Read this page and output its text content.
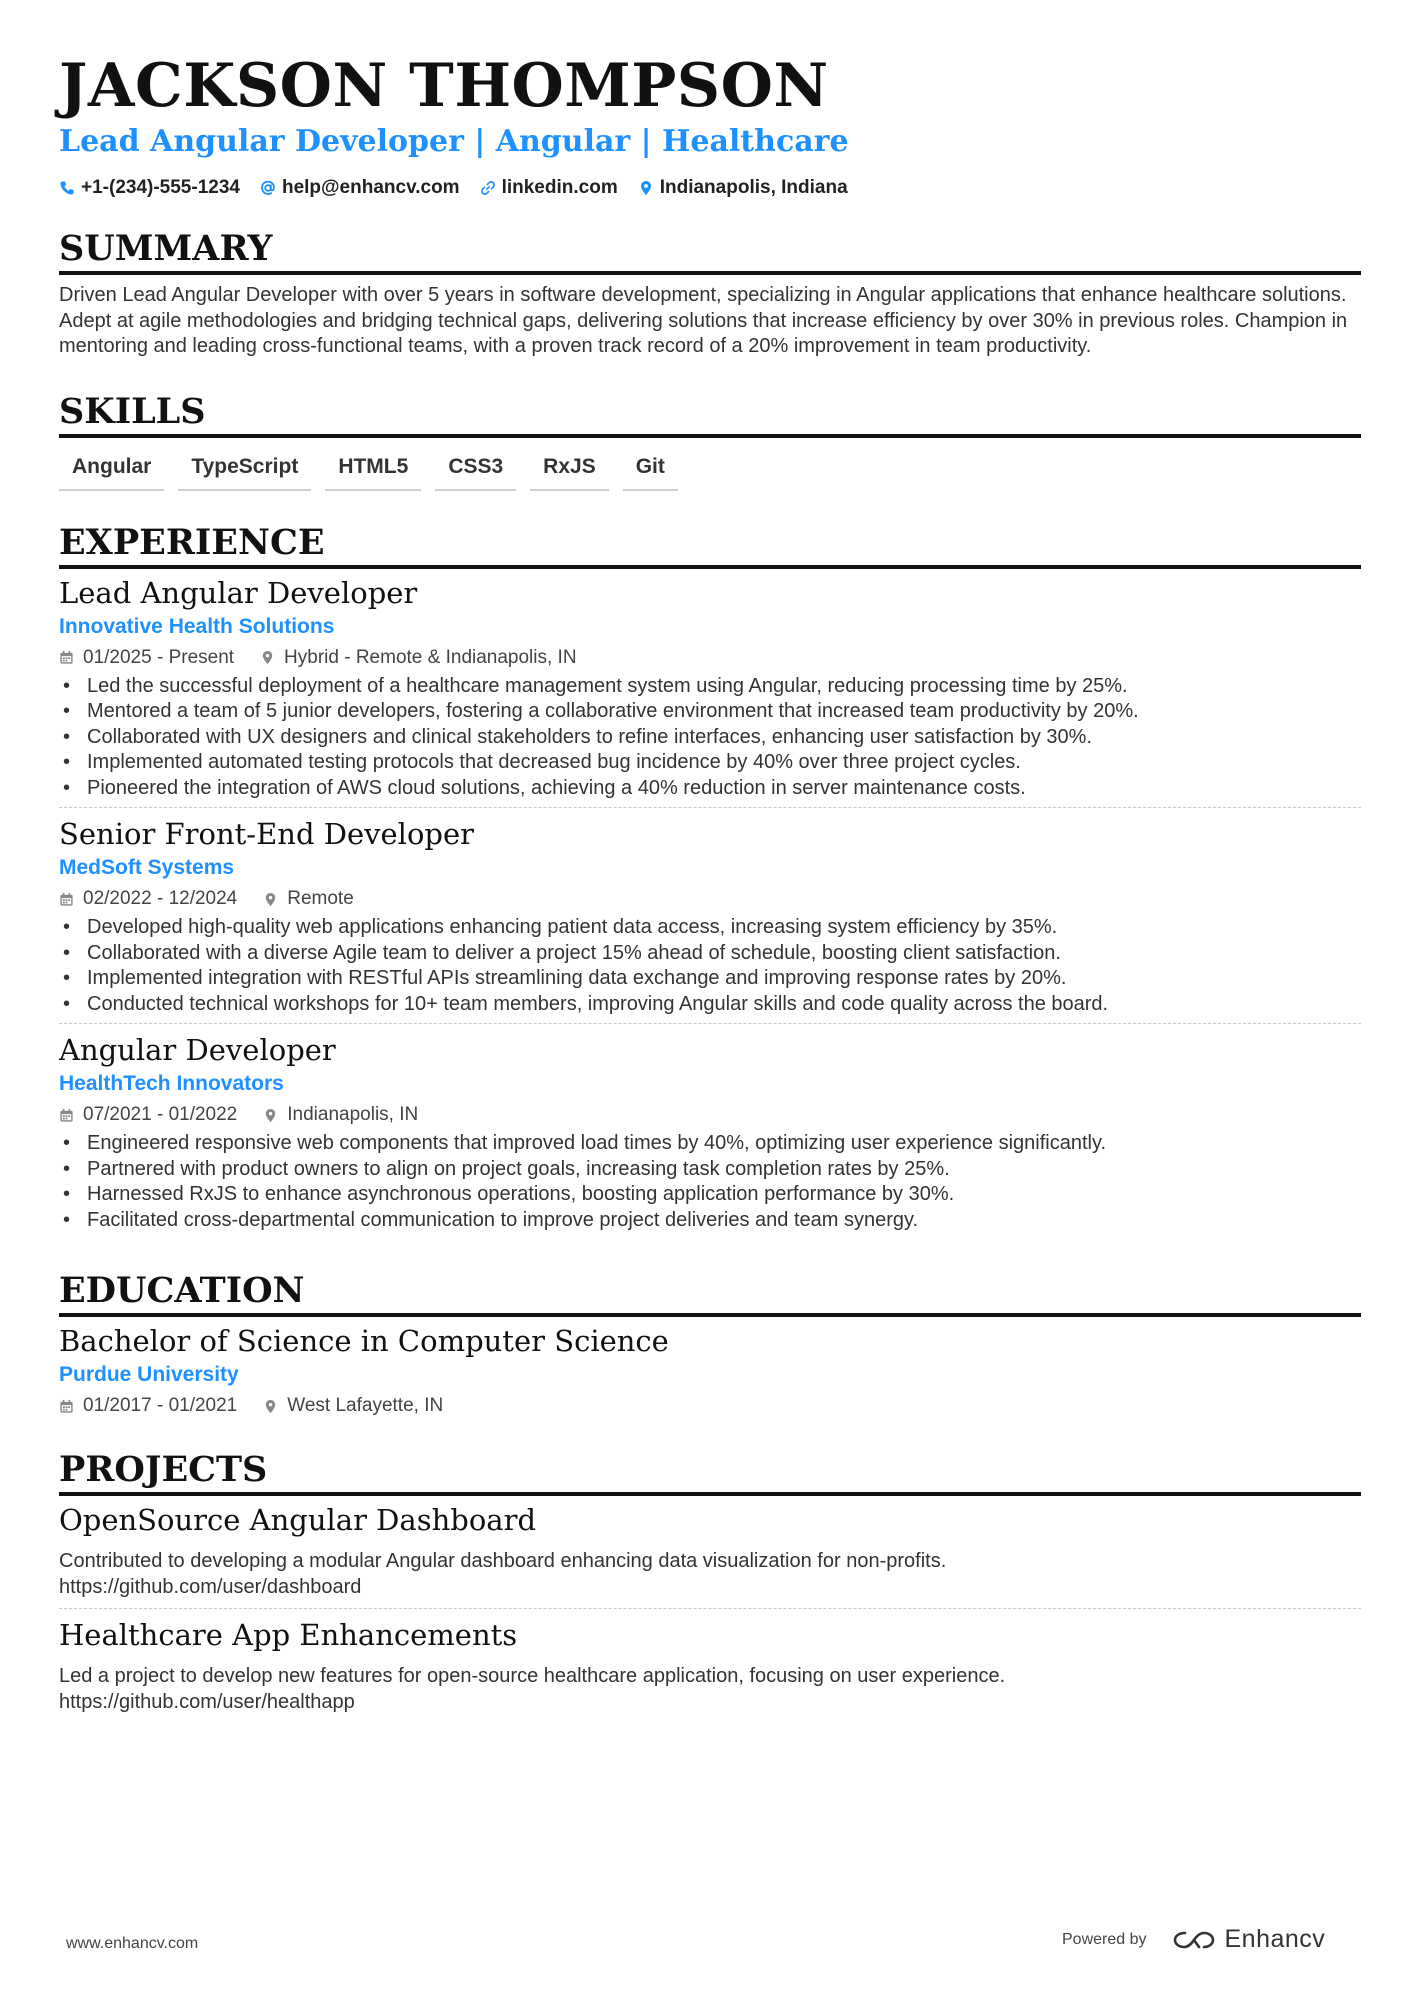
JACKSON THOMPSON
Lead Angular Developer | Angular | Healthcare
+1-(234)-555-1234 help@enhancv.com linkedin.com Indianapolis, Indiana
SUMMARY

Driven Lead Angular Developer with over 5 years in software development, specializing in Angular applications that enhance healthcare solutions. Adept at agile methodologies and bridging technical gaps, delivering solutions that increase efficiency by over 30% in previous roles. Champion in mentoring and leading cross-functional teams, with a proven track record of a 20% improvement in team productivity.

SKILLS
Angular	TypeScript	HTML5	CSS3	RxJS	Git
EXPERIENCE
Lead Angular Developer
Innovative Health Solutions
01/2025 - Present	Hybrid - Remote & Indianapolis, IN
• Led the successful deployment of a healthcare management system using Angular, reducing processing time by 25%.
• Mentored a team of 5 junior developers, fostering a collaborative environment that increased team productivity by 20%.
• Collaborated with UX designers and clinical stakeholders to refine interfaces, enhancing user satisfaction by 30%.
• Implemented automated testing protocols that decreased bug incidence by 40% over three project cycles.
• Pioneered the integration of AWS cloud solutions, achieving a 40% reduction in server maintenance costs.
Senior Front-End Developer
MedSoft Systems
02/2022 - 12/2024	Remote
• Developed high-quality web applications enhancing patient data access, increasing system efficiency by 35%.
• Collaborated with a diverse Agile team to deliver a project 15% ahead of schedule, boosting client satisfaction.
• Implemented integration with RESTful APIs streamlining data exchange and improving response rates by 20%.
• Conducted technical workshops for 10+ team members, improving Angular skills and code quality across the board.
Angular Developer
HealthTech Innovators
07/2021 - 01/2022	Indianapolis, IN
• Engineered responsive web components that improved load times by 40%, optimizing user experience significantly.
• Partnered with product owners to align on project goals, increasing task completion rates by 25%.
• Harnessed RxJS to enhance asynchronous operations, boosting application performance by 30%.
• Facilitated cross-departmental communication to improve project deliveries and team synergy.
EDUCATION
Bachelor of Science in Computer Science
Purdue University
01/2017 - 01/2021	West Lafayette, IN
PROJECTS
OpenSource Angular Dashboard

Contributed to developing a modular Angular dashboard enhancing data visualization for non-profits.

https://github.com/user/dashboard

Healthcare App Enhancements

Led a project to develop new features for open-source healthcare application, focusing on user experience.

https://github.com/user/healthapp

www.enhancv.com	Powered by	Enhancv
